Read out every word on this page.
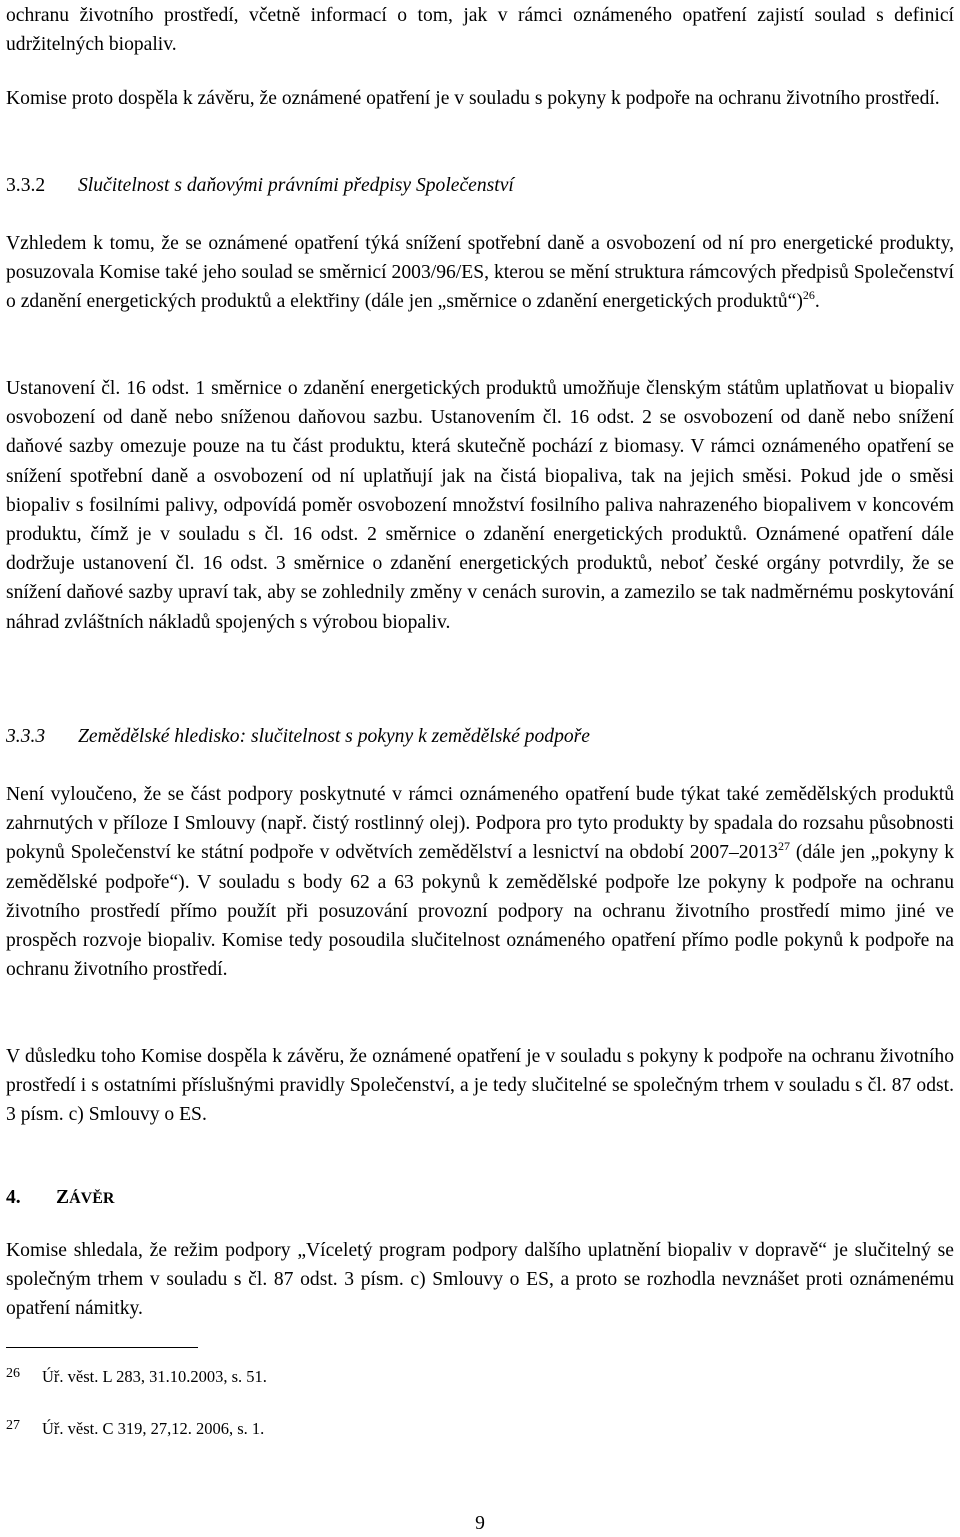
ochranu životního prostředí, včetně informací o tom, jak v rámci oznámeného opatření zajistí soulad s definicí udržitelných biopaliv.

Komise proto dospěla k závěru, že oznámené opatření je v souladu s pokyny k podpoře na ochranu životního prostředí.

3.3.2 Slučitelnost s daňovými právními předpisy Společenství

Vzhledem k tomu, že se oznámené opatření týká snížení spotřební daně a osvobození od ní pro energetické produkty, posuzovala Komise také jeho soulad se směrnicí 2003/96/ES, kterou se mění struktura rámcových předpisů Společenství o zdanění energetických produktů a elektřiny (dále jen „směrnice o zdanění energetických produktů“)$^{26}$.

Ustanovení čl. 16 odst. 1 směrnice o zdanění energetických produktů umožňuje členským státům uplatňovat u biopaliv osvobození od daně nebo sníženou daňovou sazbu. Ustanovením čl. 16 odst. 2 se osvobození od daně nebo snížení daňové sazby omezuje pouze na tu část produktu, která skutečně pochází z biomasy. V rámci oznámeného opatření se snížení spotřební daně a osvobození od ní uplatňují jak na čistá biopaliva, tak na jejich směsi. Pokud jde o směsi biopaliv s fosilními palivy, odpovídá poměr osvobození množství fosilního paliva nahrazeného biopalivem v koncovém produktu, čímž je v souladu s čl. 16 odst. 2 směrnice o zdanění energetických produktů. Oznámené opatření dále dodržuje ustanovení čl. 16 odst. 3 směrnice o zdanění energetických produktů, neboť české orgány potvrdily, že se snížení daňové sazby upraví tak, aby se zohlednily změny v cenách surovin, a zamezilo se tak nadměrnému poskytování náhrad zvláštních nákladů spojených s výrobou biopaliv.

3.3.3 Zemědělské hledisko: slučitelnost s pokyny k zemědělské podpoře

Není vyloučeno, že se část podpory poskytnuté v rámci oznámeného opatření bude týkat také zemědělských produktů zahrnutých v příloze I Smlouvy (např. čistý rostlinný olej). Podpora pro tyto produkty by spadala do rozsahu působnosti pokynů Společenství ke státní podpoře v odvětvích zemědělství a lesnictví na období 2007–2013$^{27}$ (dále jen „pokyny k zemědělské podpoře“). V souladu s body 62 a 63 pokynů k zemědělské podpoře lze pokyny k podpoře na ochranu životního prostředí přímo použít při posuzování provozní podpory na ochranu životního prostředí mimo jiné ve prospěch rozvoje biopaliv. Komise tedy posoudila slučitelnost oznámeného opatření přímo podle pokynů k podpoře na ochranu životního prostředí.

V důsledku toho Komise dospěla k závěru, že oznámené opatření je v souladu s pokyny k podpoře na ochranu životního prostředí i s ostatními příslušnými pravidly Společenství, a je tedy slučitelné se společným trhem v souladu s čl. 87 odst. 3 písm. c) Smlouvy o ES.

4. ZÁVĚR

Komise shledala, že režim podpory „Víceletý program podpory dalšího uplatnění biopaliv v dopravě“ je slučitelný se společným trhem v souladu s čl. 87 odst. 3 písm. c) Smlouvy o ES, a proto se rozhodla nevznášet proti oznámenému opatření námitky.

26 Úř. věst. L 283, 31.10.2003, s. 51.
27 Úř. věst. C 319, 27,12. 2006, s. 1.
9
